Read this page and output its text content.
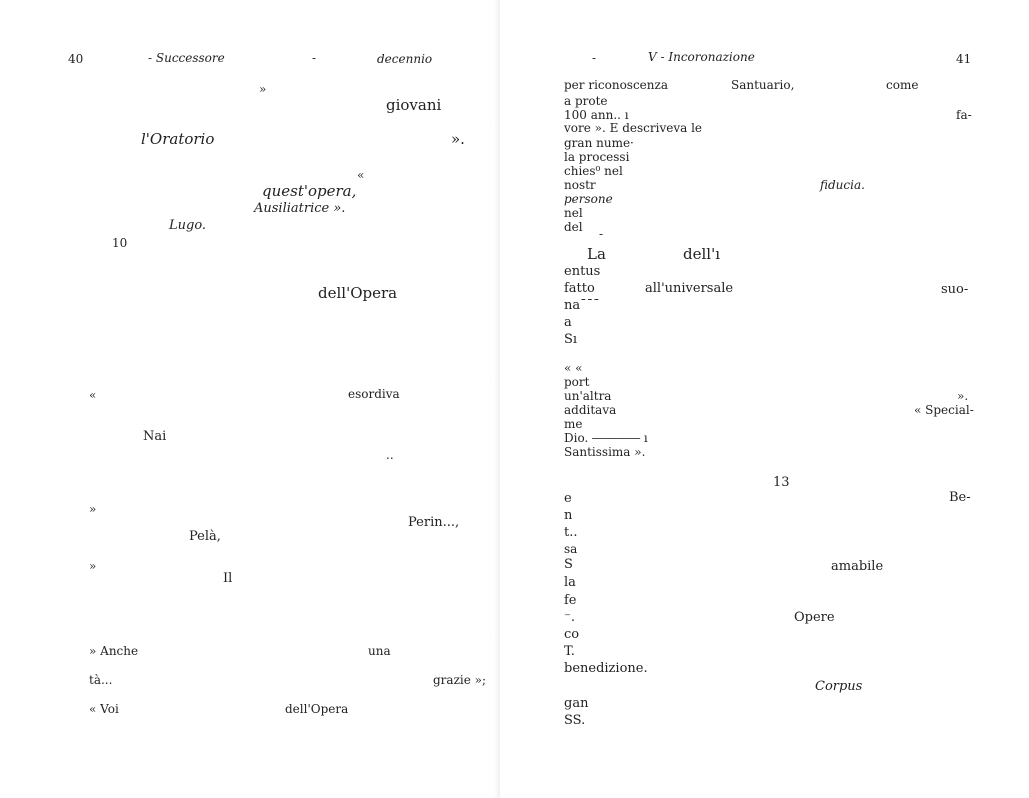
40	- Successore	-	decennio
»
giovani
l'Oratorio	».
«
quest'opera,
Ausiliatrice ».
Lugo.
10
dell'Opera
«	esordiva
Nai
..
»
Perin...,
Pelà,
»
Il
» Anche	una
tà...	grazie »;
« Voi	dell'Opera
-	V - Incoronazione	41
per riconoscenza	Santuario,	come
a prote
100 ann.. ı	fa-
vore ». E descriveva le
gran nume·
la processi
chies⁰ nel
nostr	fiducia.
persone
nel
del -
La	dell'ı
entus
fatto	all'universale	suo-
na¯¯¯
a
Sı
« «
port
un'altra	».
additava	« Special-
me
Dio. ―――― ı
Santissima ».
13
e	Be-
n
t..
sa
S	amabile
la
fe
⁻.	Opere
co
T.
benedizione.
Corpus
gan
SS.
